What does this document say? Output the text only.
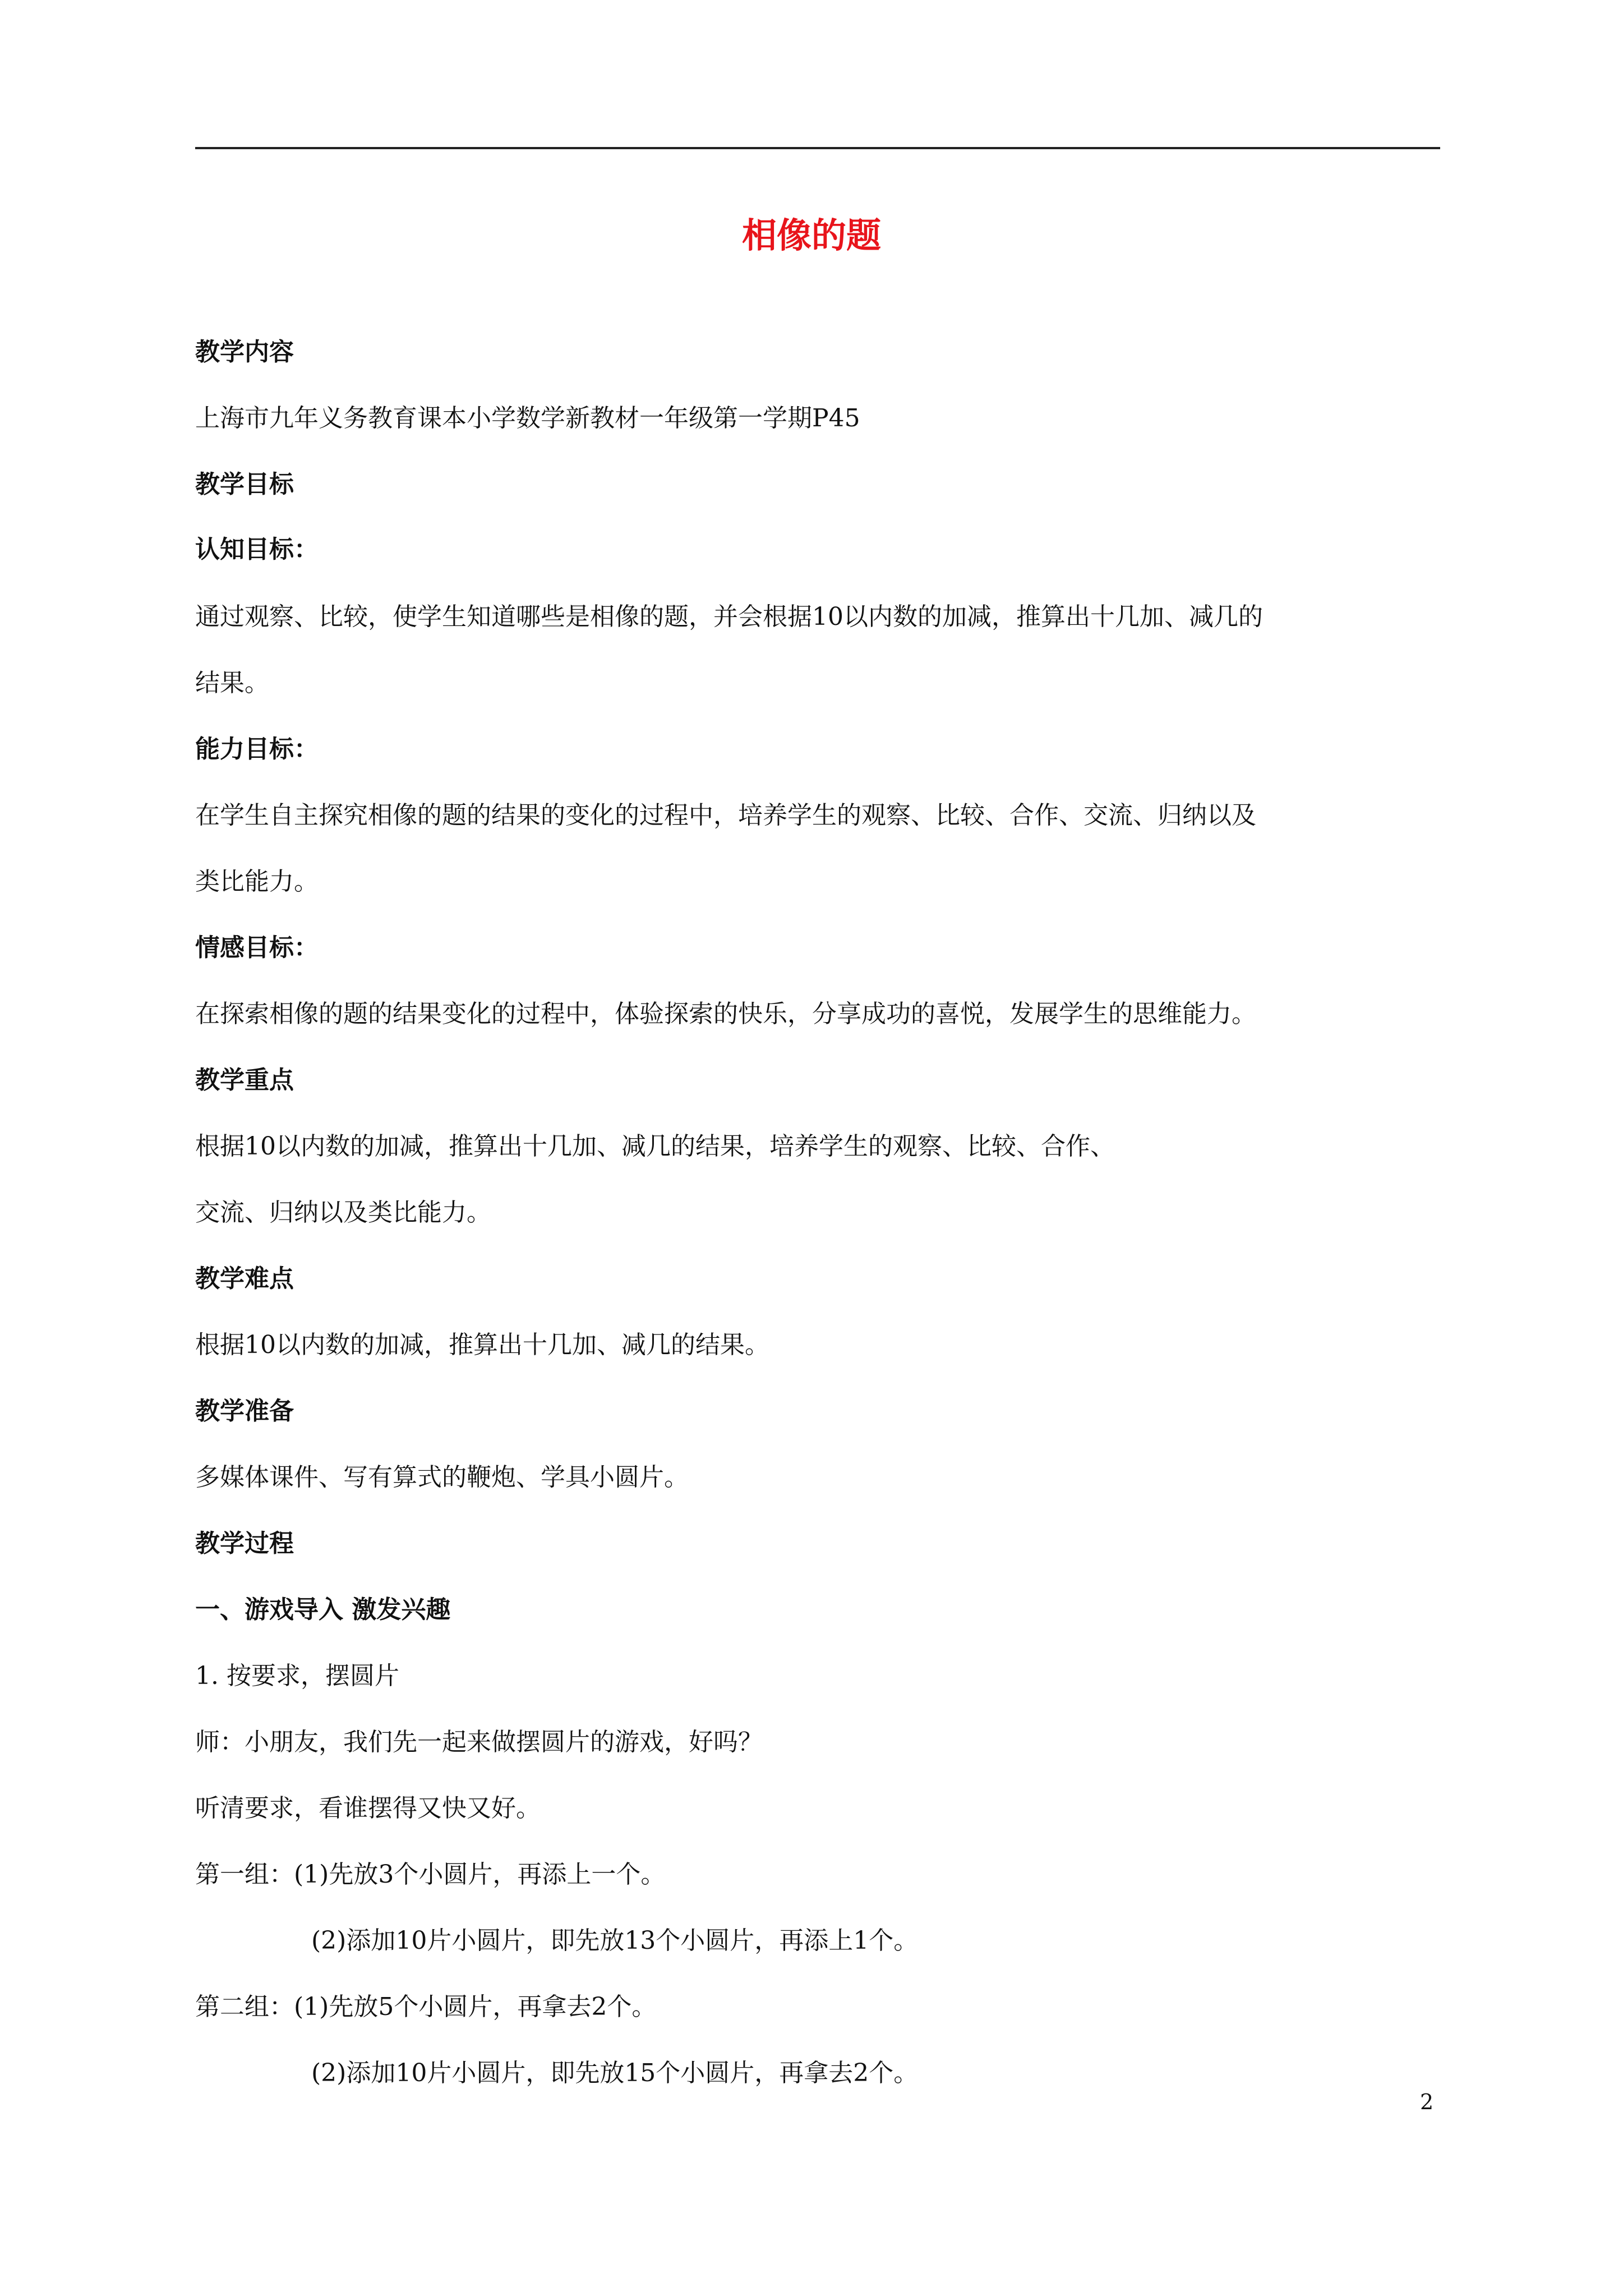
相像的题
教学内容
上海市九年义务教育课本小学数学新教材一年级第一学期P45
教学目标
认知目标：
通过观察、比较，使学生知道哪些是相像的题，并会根据10以内数的加减，推算出十几加、减几的
结果。
能力目标：
在学生自主探究相像的题的结果的变化的过程中，培养学生的观察、比较、合作、交流、归纳以及
类比能力。
情感目标：
在探索相像的题的结果变化的过程中，体验探索的快乐，分享成功的喜悦，发展学生的思维能力。
教学重点
根据10以内数的加减，推算出十几加、减几的结果，培养学生的观察、比较、合作、
交流、归纳以及类比能力。
教学难点
根据10以内数的加减，推算出十几加、减几的结果。
教学准备
多媒体课件、写有算式的鞭炮、学具小圆片。
教学过程
一、游戏导入 激发兴趣
1. 按要求，摆圆片
师：小朋友，我们先一起来做摆圆片的游戏，好吗？
听清要求，看谁摆得又快又好。
第一组：(1)先放3个小圆片，再添上一个。
(2)添加10片小圆片，即先放13个小圆片，再添上1个。
第二组：(1)先放5个小圆片，再拿去2个。
(2)添加10片小圆片，即先放15个小圆片，再拿去2个。
2
